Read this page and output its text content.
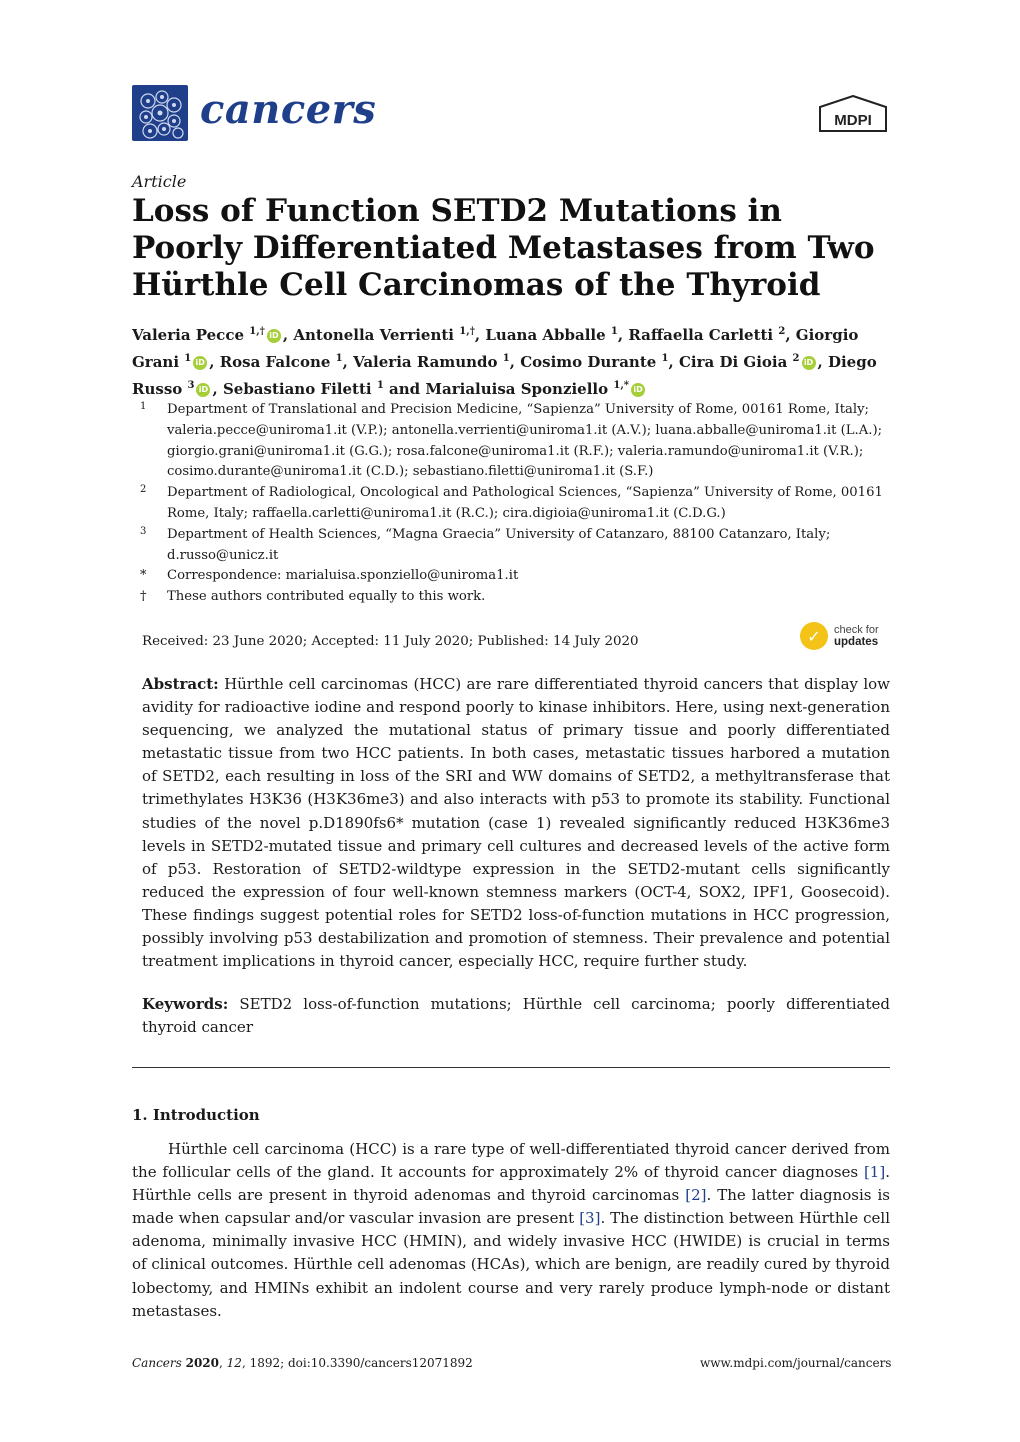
cancers	MDPI
Article
Loss of Function SETD2 Mutations in Poorly Differentiated Metastases from Two Hürthle Cell Carcinomas of the Thyroid
Valeria Pecce $^{1,\dagger}$ iD , Antonella Verrienti $^{1,\dagger}$, Luana Abballe $^1$, Raffaella Carletti $^2$, Giorgio Grani $^1$ iD , Rosa Falcone $^1$, Valeria Ramundo $^1$, Cosimo Durante $^1$, Cira Di Gioia $^2$ iD , Diego Russo $^3$ iD , Sebastiano Filetti $^1$ and Marialuisa Sponziello $^{1,*}$ iD
1	Department of Translational and Precision Medicine, “Sapienza” University of Rome, 00161 Rome, Italy; valeria.pecce@uniroma1.it (V.P.); antonella.verrienti@uniroma1.it (A.V.); luana.abballe@uniroma1.it (L.A.); giorgio.grani@uniroma1.it (G.G.); rosa.falcone@uniroma1.it (R.F.); valeria.ramundo@uniroma1.it (V.R.); cosimo.durante@uniroma1.it (C.D.); sebastiano.filetti@uniroma1.it (S.F.)
2	Department of Radiological, Oncological and Pathological Sciences, “Sapienza” University of Rome, 00161 Rome, Italy; raffaella.carletti@uniroma1.it (R.C.); cira.digioia@uniroma1.it (C.D.G.)
3	Department of Health Sciences, “Magna Graecia” University of Catanzaro, 88100 Catanzaro, Italy; d.russo@unicz.it
*	Correspondence: marialuisa.sponziello@uniroma1.it
†	These authors contributed equally to this work.
Received: 23 June 2020; Accepted: 11 July 2020; Published: 14 July 2020	✓	check for
updates
Abstract: Hürthle cell carcinomas (HCC) are rare differentiated thyroid cancers that display low avidity for radioactive iodine and respond poorly to kinase inhibitors. Here, using next-generation sequencing, we analyzed the mutational status of primary tissue and poorly differentiated metastatic tissue from two HCC patients. In both cases, metastatic tissues harbored a mutation of SETD2, each resulting in loss of the SRI and WW domains of SETD2, a methyltransferase that trimethylates H3K36 (H3K36me3) and also interacts with p53 to promote its stability. Functional studies of the novel p.D1890fs6* mutation (case 1) revealed significantly reduced H3K36me3 levels in SETD2-mutated tissue and primary cell cultures and decreased levels of the active form of p53. Restoration of SETD2-wildtype expression in the SETD2-mutant cells significantly reduced the expression of four well-known stemness markers (OCT-4, SOX2, IPF1, Goosecoid). These findings suggest potential roles for SETD2 loss-of-function mutations in HCC progression, possibly involving p53 destabilization and promotion of stemness. Their prevalence and potential treatment implications in thyroid cancer, especially HCC, require further study.
Keywords: SETD2 loss-of-function mutations; Hürthle cell carcinoma; poorly differentiated thyroid cancer
1. Introduction
Hürthle cell carcinoma (HCC) is a rare type of well-differentiated thyroid cancer derived from the follicular cells of the gland. It accounts for approximately 2% of thyroid cancer diagnoses [1]. Hürthle cells are present in thyroid adenomas and thyroid carcinomas [2]. The latter diagnosis is made when capsular and/or vascular invasion are present [3]. The distinction between Hürthle cell adenoma, minimally invasive HCC (HMIN), and widely invasive HCC (HWIDE) is crucial in terms of clinical outcomes. Hürthle cell adenomas (HCAs), which are benign, are readily cured by thyroid lobectomy, and HMINs exhibit an indolent course and very rarely produce lymph-node or distant metastases.
Cancers 2020, 12, 1892; doi:10.3390/cancers12071892	www.mdpi.com/journal/cancers
